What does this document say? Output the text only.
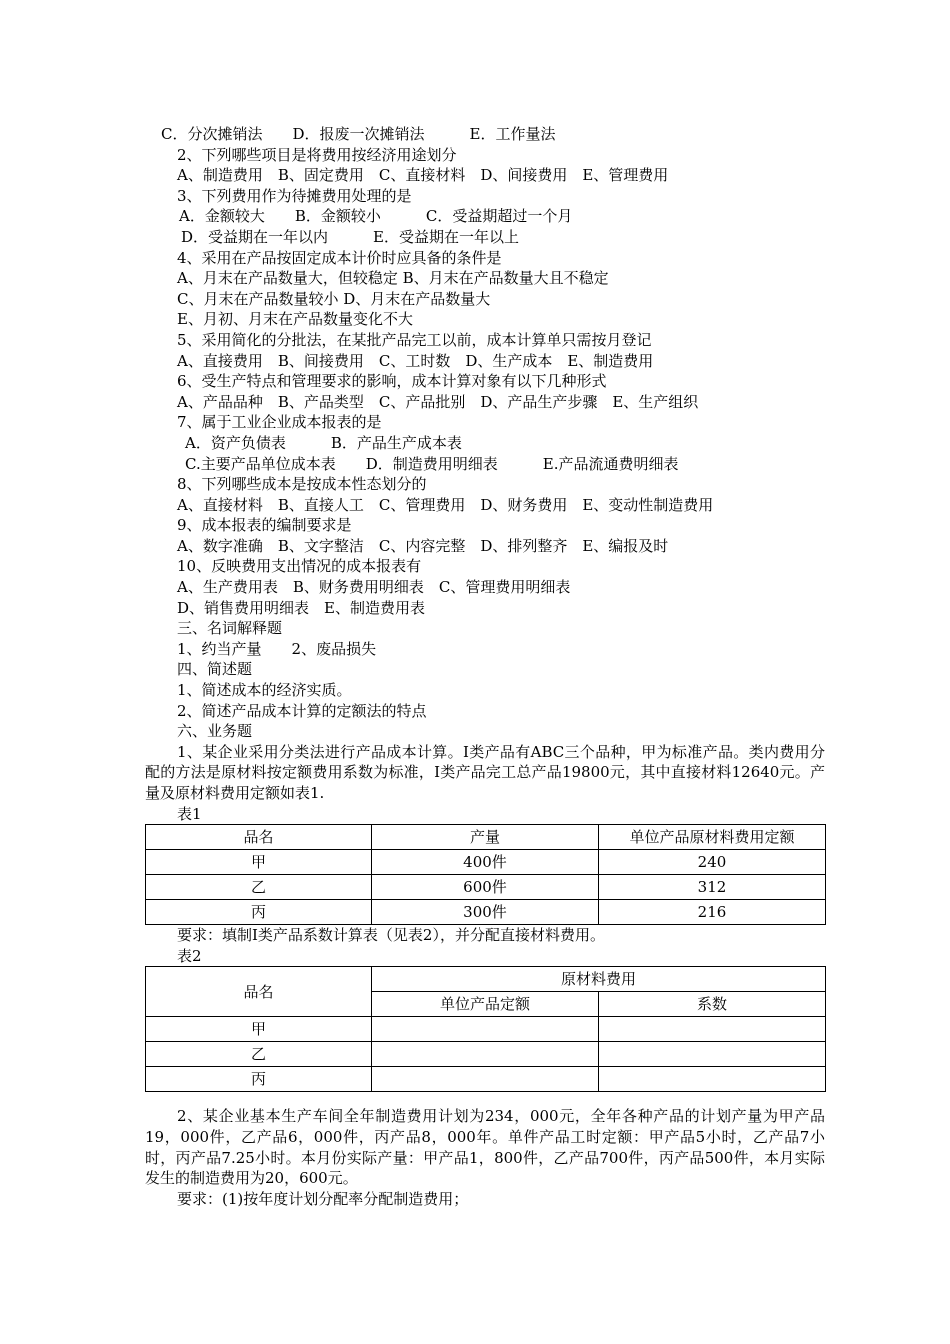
C．分次摊销法　　D．报废一次摊销法　　　E．工作量法
2、下列哪些项目是将费用按经济用途划分
A、制造费用　B、固定费用　C、直接材料　D、间接费用　E、管理费用
3、下列费用作为待摊费用处理的是
A．金额较大　　B．金额较小　　　C．受益期超过一个月
D．受益期在一年以内　　　E．受益期在一年以上
4、采用在产品按固定成本计价时应具备的条件是
A、月末在产品数量大，但较稳定 B、月末在产品数量大且不稳定
C、月末在产品数量较小 D、月末在产品数量大
E、月初、月末在产品数量变化不大
5、采用简化的分批法，在某批产品完工以前，成本计算单只需按月登记
A、直接费用　B、间接费用　C、工时数　D、生产成本　E、制造费用
6、受生产特点和管理要求的影响，成本计算对象有以下几种形式
A、产品品种　B、产品类型　C、产品批别　D、产品生产步骤　E、生产组织
7、属于工业企业成本报表的是
A．资产负债表　　　B．产品生产成本表
C.主要产品单位成本表　　D．制造费用明细表　　　E.产品流通费明细表
8、下列哪些成本是按成本性态划分的
A、直接材料　B、直接人工　C、管理费用　D、财务费用　E、变动性制造费用
9、成本报表的编制要求是
A、数字准确　B、文字整洁　C、内容完整　D、排列整齐　E、编报及时
10、反映费用支出情况的成本报表有
A、生产费用表　B、财务费用明细表　C、管理费用明细表
D、销售费用明细表　E、制造费用表
三、名词解释题
1、约当产量　　2、废品损失
四、简述题
1、简述成本的经济实质。
2、简述产品成本计算的定额法的特点
六、业务题
1、某企业采用分类法进行产品成本计算。I类产品有ABC三个品种，甲为标准产品。类内费用分配的方法是原材料按定额费用系数为标准，I类产品完工总产品19800元，其中直接材料12640元。产量及原材料费用定额如表1.
表1
品名	产量	单位产品原材料费用定额
甲	400件	240
乙	600件	312
丙	300件	216
要求：填制I类产品系数计算表（见表2），并分配直接材料费用。
表2
品名	原材料费用	
	单位产品定额	系数
甲		
乙		
丙		
2、某企业基本生产车间全年制造费用计划为234，000元，全年各种产品的计划产量为甲产品19，000件，乙产品6，000件，丙产品8，000年。单件产品工时定额：甲产品5小时，乙产品7小时，丙产品7.25小时。本月份实际产量：甲产品1，800件，乙产品700件，丙产品500件，本月实际发生的制造费用为20，600元。
要求：(1)按年度计划分配率分配制造费用；
